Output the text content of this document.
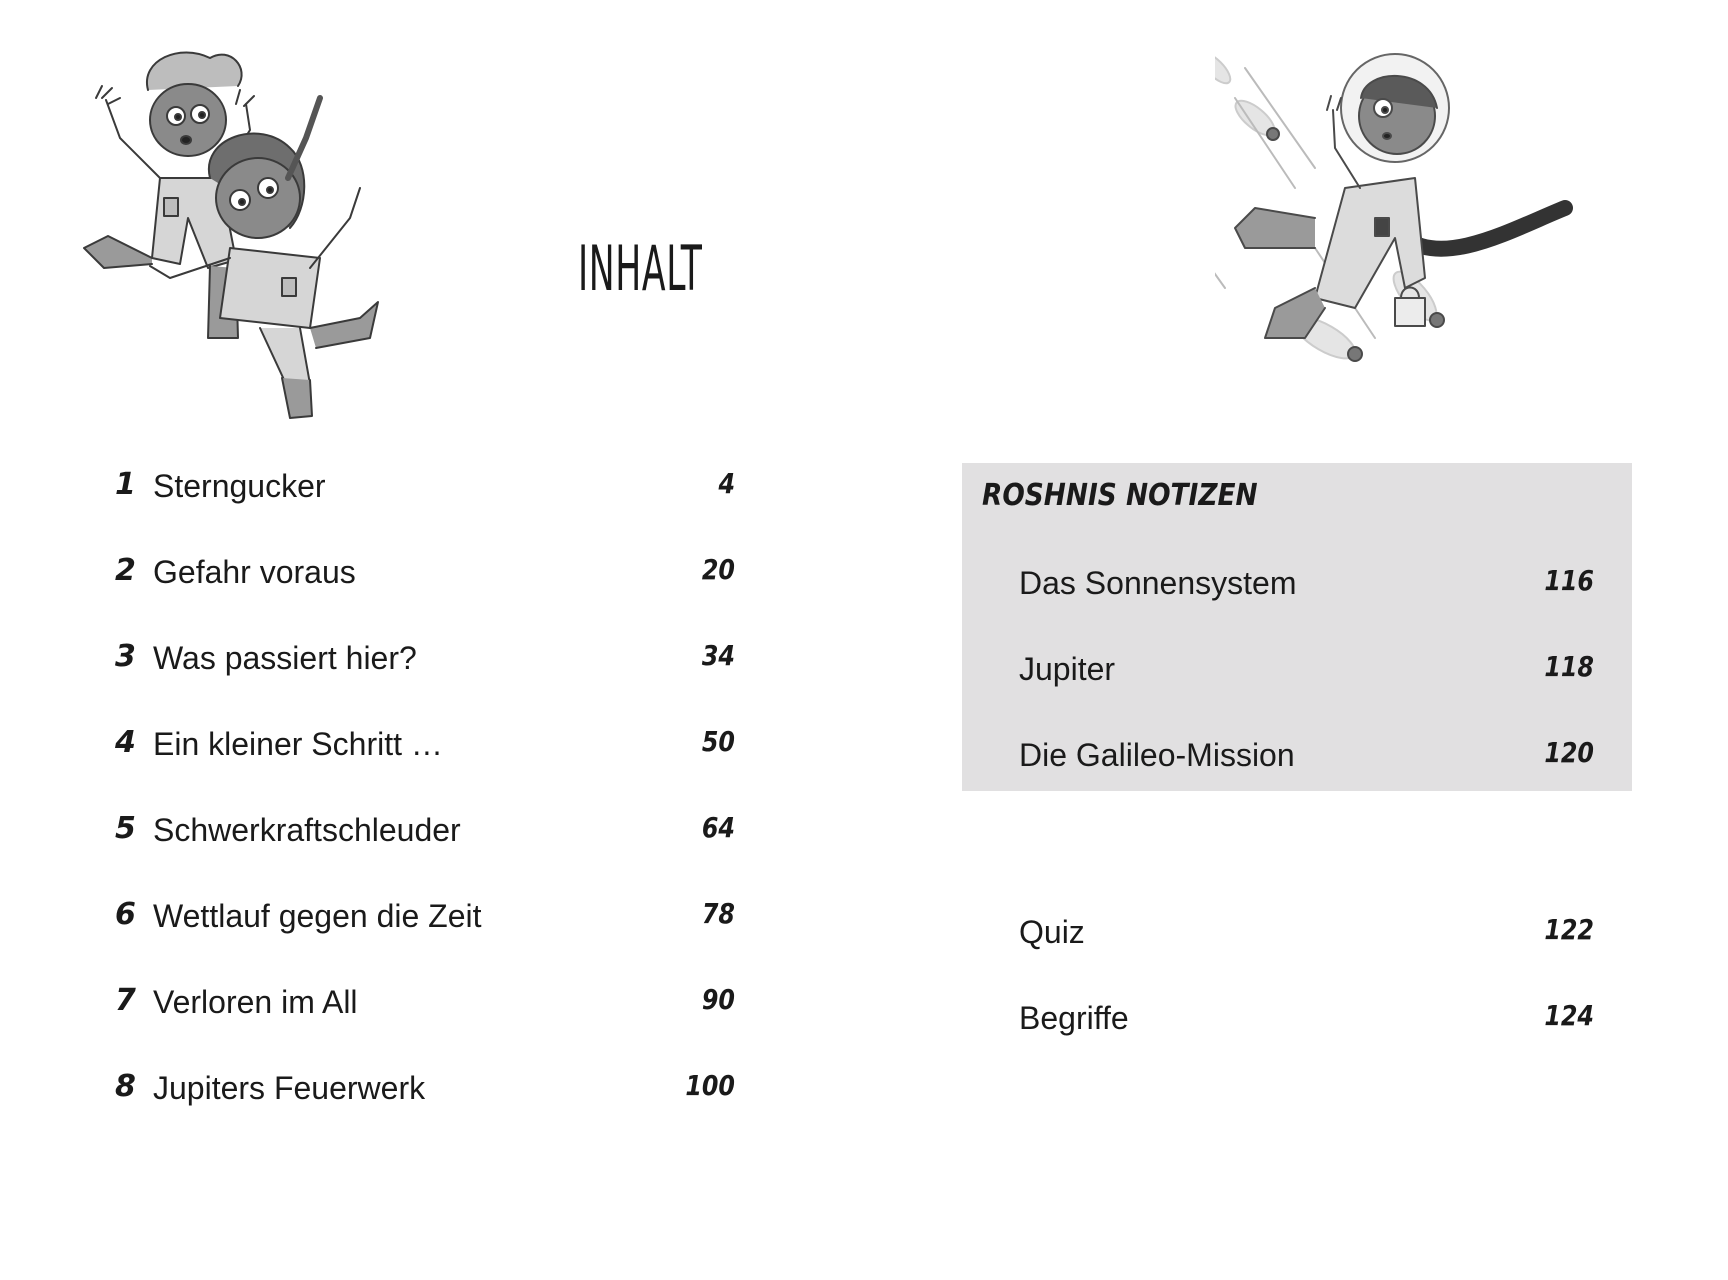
INHALT
1 Sterngucker	4
2 Gefahr voraus	20
3 Was passiert hier?	34
4 Ein kleiner Schritt …	50
5 Schwerkraftschleuder	64
6 Wettlauf gegen die Zeit	78
7 Verloren im All	90
8 Jupiters Feuerwerk	100
ROSHNIS NOTIZEN
Das Sonnensystem	116
Jupiter	118
Die Galileo-Mission	120
Quiz	122
Begriffe	124
